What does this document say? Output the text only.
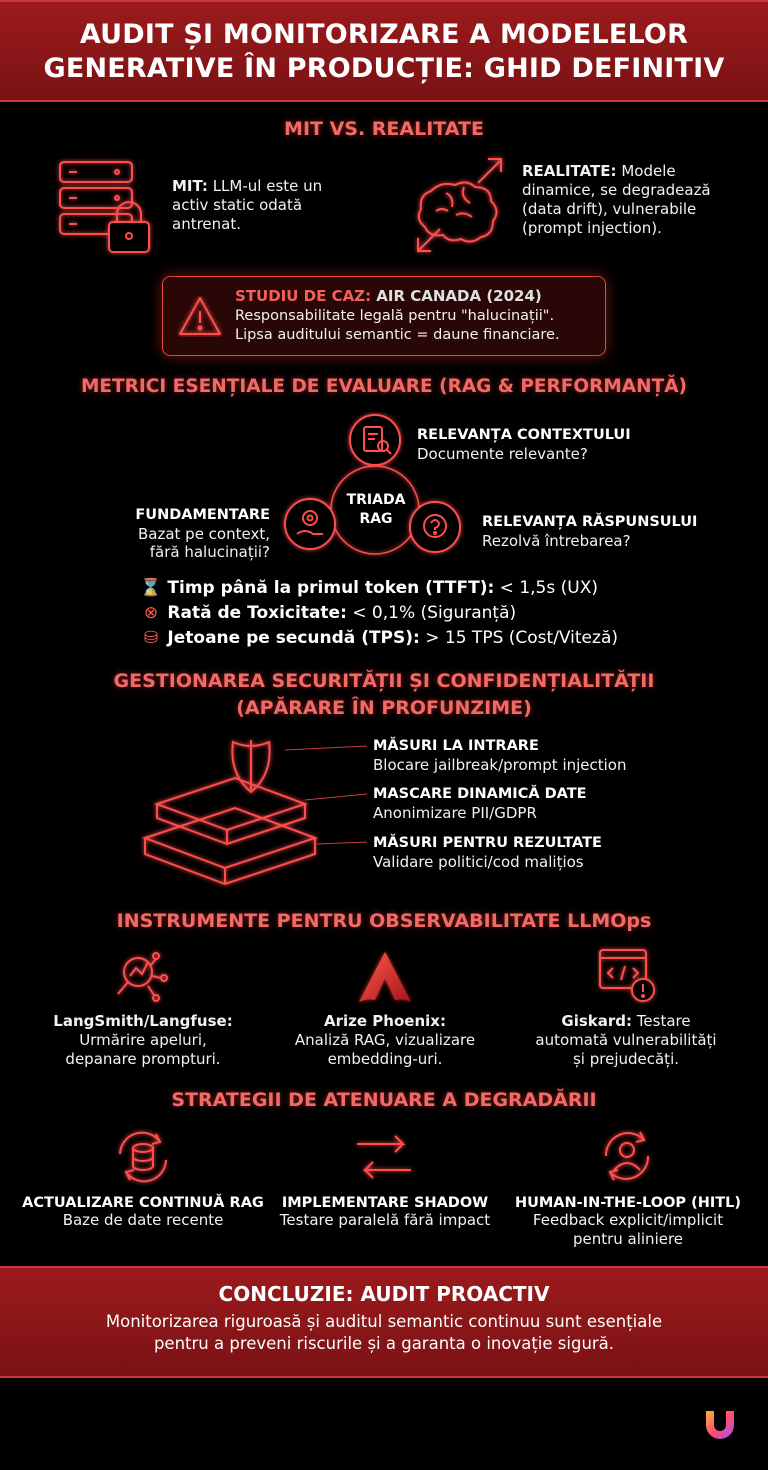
AUDIT ȘI MONITORIZARE A MODELELOR
GENERATIVE ÎN PRODUCȚIE: GHID DEFINITIV
MIT VS. REALITATE
MIT: LLM-ul este un activ static odată antrenat.
REALITATE: Modele dinamice, se degradează (data drift), vulnerabile (prompt injection).
STUDIU DE CAZ: AIR CANADA (2024)
Responsabilitate legală pentru "halucinații".
Lipsa auditului semantic = daune financiare.
METRICI ESENȚIALE DE EVALUARE (RAG & PERFORMANȚĂ)
TRIADA
RAG
RELEVANȚA CONTEXTULUI
Documente relevante?
FUNDAMENTARE
Bazat pe context,
fără halucinații?
RELEVANȚA RĂSPUNSULUI
Rezolvă întrebarea?
⌛ Timp până la primul token (TTFT): < 1,5s (UX)
⊗ Rată de Toxicitate: < 0,1% (Siguranță)
⛁ Jetoane pe secundă (TPS): > 15 TPS (Cost/Viteză)
GESTIONAREA SECURITĂȚII ȘI CONFIDENȚIALITĂȚII
(APĂRARE ÎN PROFUNZIME)
MĂSURI LA INTRARE
Blocare jailbreak/prompt injection
MASCARE DINAMICĂ DATE
Anonimizare PII/GDPR
MĂSURI PENTRU REZULTATE
Validare politici/cod malițios
INSTRUMENTE PENTRU OBSERVABILITATE LLMOps
LangSmith/Langfuse:
Urmărire apeluri,
depanare prompturi.
Arize Phoenix:
Analiză RAG, vizualizare
embedding-uri.
Giskard: Testare
automată vulnerabilități
și prejudecăți.
STRATEGII DE ATENUARE A DEGRADĂRII
ACTUALIZARE CONTINUĂ RAG
Baze de date recente
IMPLEMENTARE SHADOW
Testare paralelă fără impact
HUMAN-IN-THE-LOOP (HITL)
Feedback explicit/implicit
pentru aliniere
CONCLUZIE: AUDIT PROACTIV
Monitorizarea riguroasă și auditul semantic continuu sunt esențiale
pentru a preveni riscurile și a garanta o inovație sigură.
